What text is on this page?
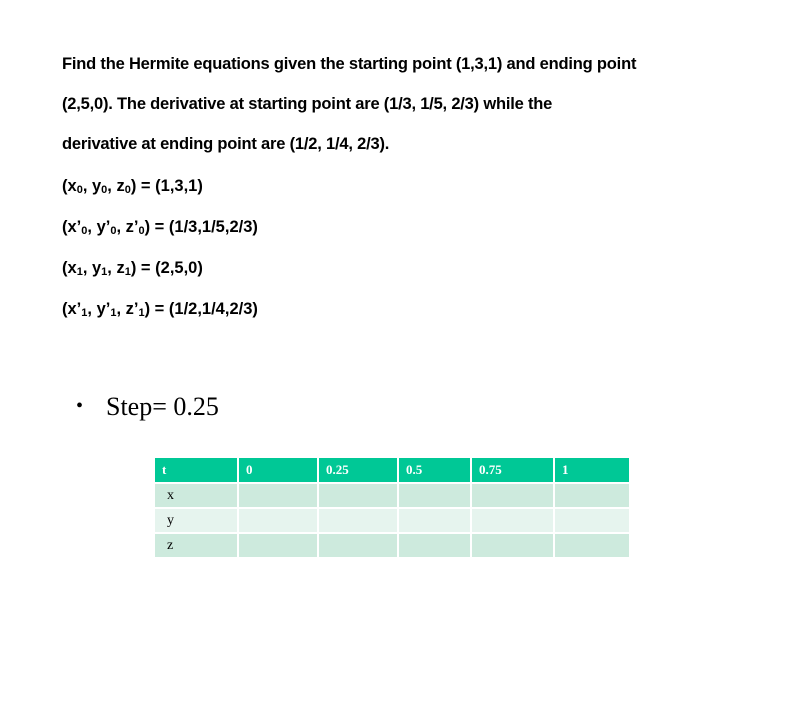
Find the Hermite equations given the starting point (1,3,1) and ending point

(2,5,0). The derivative at starting point are (1/3, 1/5, 2/3) while the

derivative at ending point are (1/2, 1/4, 2/3).

($x_0$, $y_0$, $z_0) = (1,3,1)$
($x’_0$, $y’_0$, $z’_0) = (1/3,1/5,2/3)$
($x_1$, $y_1$, $z_1) = (2,5,0)$
($x’_1$, $y’_1$, $z’_1) = (1/2,1/4,2/3)$
• Step= 0.25
t	0	0.25	0.5	0.75	1
x					
y					
z					
